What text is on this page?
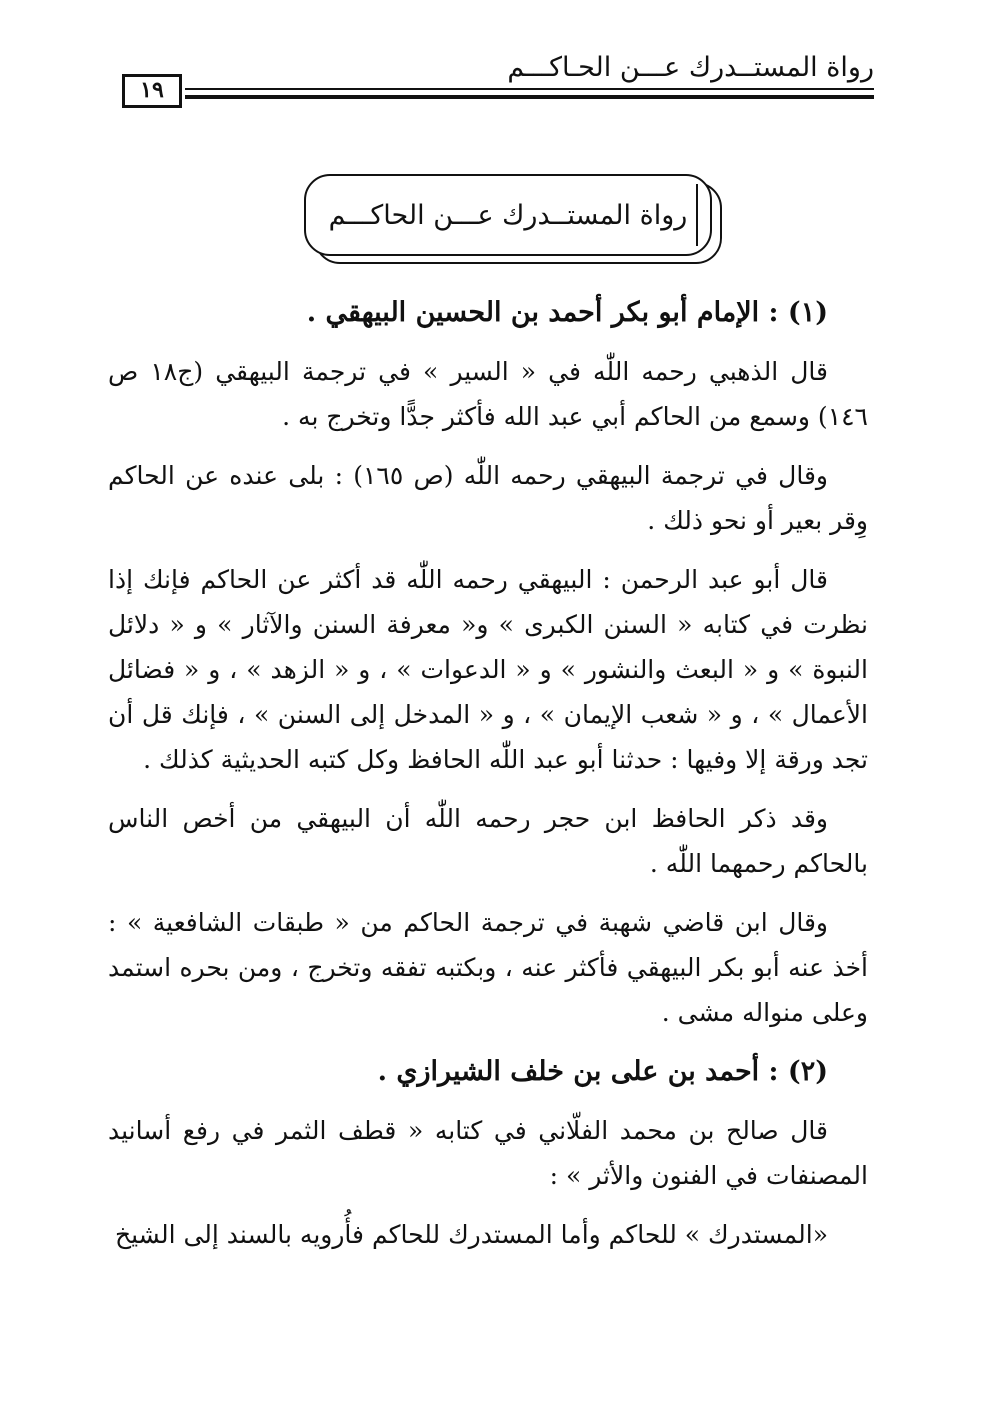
رواة المستــدرك عـــن الحـاكـــم
١٩
رواة المستــدرك عـــن الحاكـــم

(١) : الإمام أبو بكر أحمد بن الحسين البيهقي .

قال الذهبي رحمه اللّٰه في « السير » في ترجمة البيهقي (ج١٨ ص ١٤٦) وسمع من الحاكم أبي عبد الله فأكثر جدًّا وتخرج به .

وقال في ترجمة البيهقي رحمه اللّٰه (ص ١٦٥) : بلى عنده عن الحاكم وِقر بعير أو نحو ذلك .

قال أبو عبد الرحمن : البيهقي رحمه اللّٰه قد أكثر عن الحاكم فإنك إذا نظرت في كتابه « السنن الكبرى » و« معرفة السنن والآثار » و « دلائل النبوة » و « البعث والنشور » و « الدعوات » ، و « الزهد » ، و « فضائل الأعمال » ، و « شعب الإيمان » ، و « المدخل إلى السنن » ، فإنك قل أن تجد ورقة إلا وفيها : حدثنا أبو عبد اللّٰه الحافظ وكل كتبه الحديثية كذلك .

وقد ذكر الحافظ ابن حجر رحمه اللّٰه أن البيهقي من أخص الناس بالحاكم رحمهما اللّٰه .

وقال ابن قاضي شهبة في ترجمة الحاكم من « طبقات الشافعية » : أخذ عنه أبو بكر البيهقي فأكثر عنه ، وبكتبه تفقه وتخرج ، ومن بحره استمد وعلى منواله مشى .

(٢) : أحمد بن على بن خلف الشيرازي .

قال صالح بن محمد الفلّاني في كتابه « قطف الثمر في رفع أسانيد المصنفات في الفنون والأثر » :

«المستدرك » للحاكم وأما المستدرك للحاكم فأُرويه بالسند إلى الشيخ
